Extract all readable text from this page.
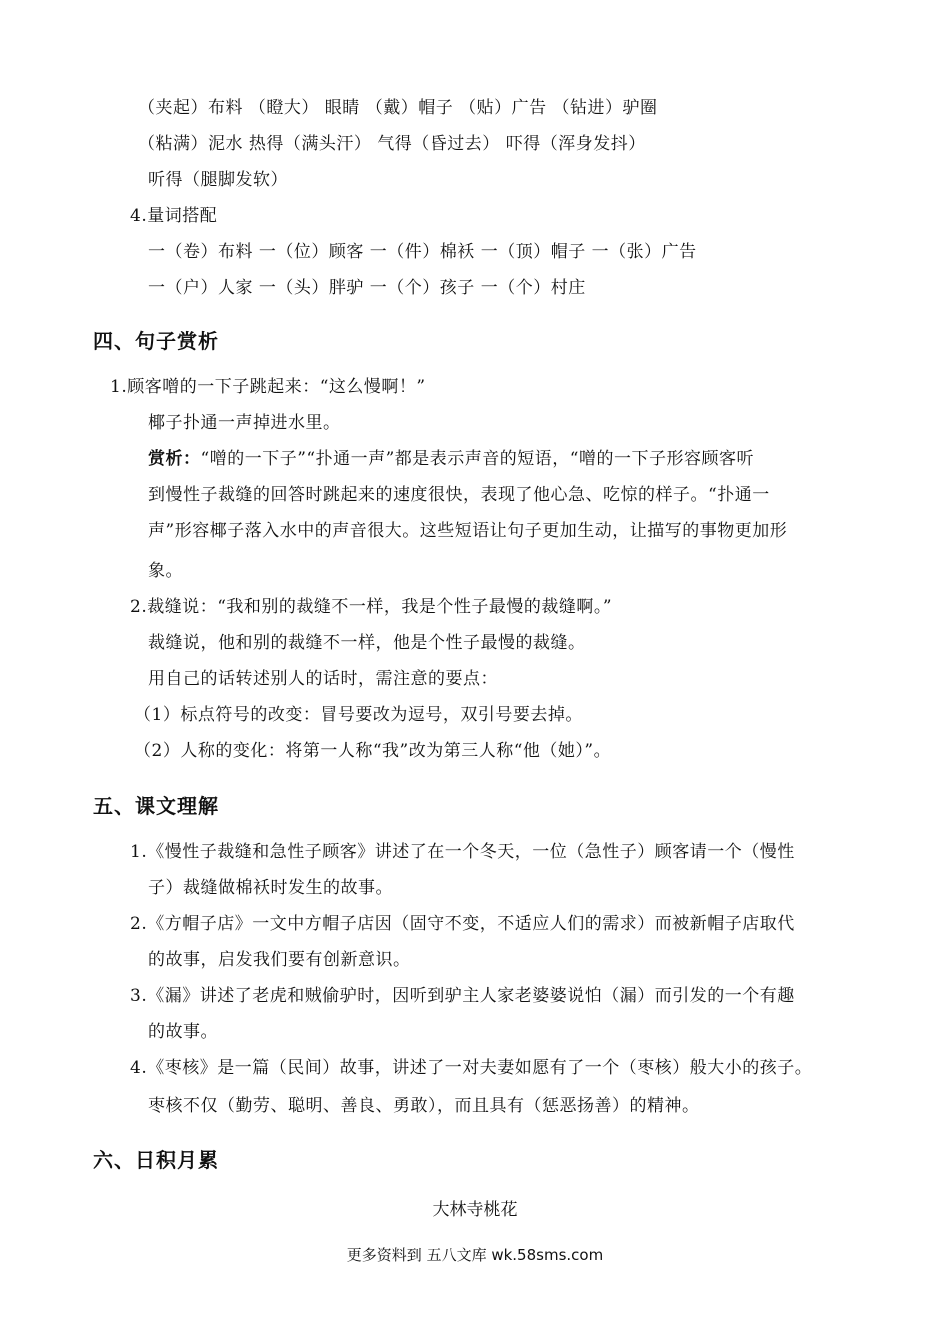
（夹起）布料 （瞪大） 眼睛 （戴）帽子 （贴）广告 （钻进）驴圈
（粘满）泥水 热得（满头汗） 气得（昏过去） 吓得（浑身发抖）
听得（腿脚发软）
4.量词搭配
一（卷）布料 一（位）顾客 一（件）棉袄 一（顶）帽子 一（张）广告
一（户）人家 一（头）胖驴 一（个）孩子 一（个）村庄
四、句子赏析
1.顾客噌的一下子跳起来：“这么慢啊！”
椰子扑通一声掉进水里。
赏析：“噌的一下子”“扑通一声”都是表示声音的短语，“噌的一下子形容顾客听
到慢性子裁缝的回答时跳起来的速度很快，表现了他心急、吃惊的样子。“扑通一
声”形容椰子落入水中的声音很大。这些短语让句子更加生动，让描写的事物更加形
象。
2.裁缝说：“我和别的裁缝不一样，我是个性子最慢的裁缝啊。”
裁缝说，他和别的裁缝不一样，他是个性子最慢的裁缝。
用自己的话转述别人的话时，需注意的要点：
（1）标点符号的改变：冒号要改为逗号，双引号要去掉。
（2）人称的变化：将第一人称“我”改为第三人称“他（她）”。
五、课文理解
1.《慢性子裁缝和急性子顾客》讲述了在一个冬天，一位（急性子）顾客请一个（慢性
子）裁缝做棉袄时发生的故事。
2.《方帽子店》一文中方帽子店因（固守不变，不适应人们的需求）而被新帽子店取代
的故事，启发我们要有创新意识。
3.《漏》讲述了老虎和贼偷驴时，因听到驴主人家老婆婆说怕（漏）而引发的一个有趣
的故事。
4.《枣核》是一篇（民间）故事，讲述了一对夫妻如愿有了一个（枣核）般大小的孩子。
枣核不仅（勤劳、聪明、善良、勇敢），而且具有（惩恶扬善）的精神。
六、日积月累
大林寺桃花
更多资料到 五八文库 wk.58sms.com
